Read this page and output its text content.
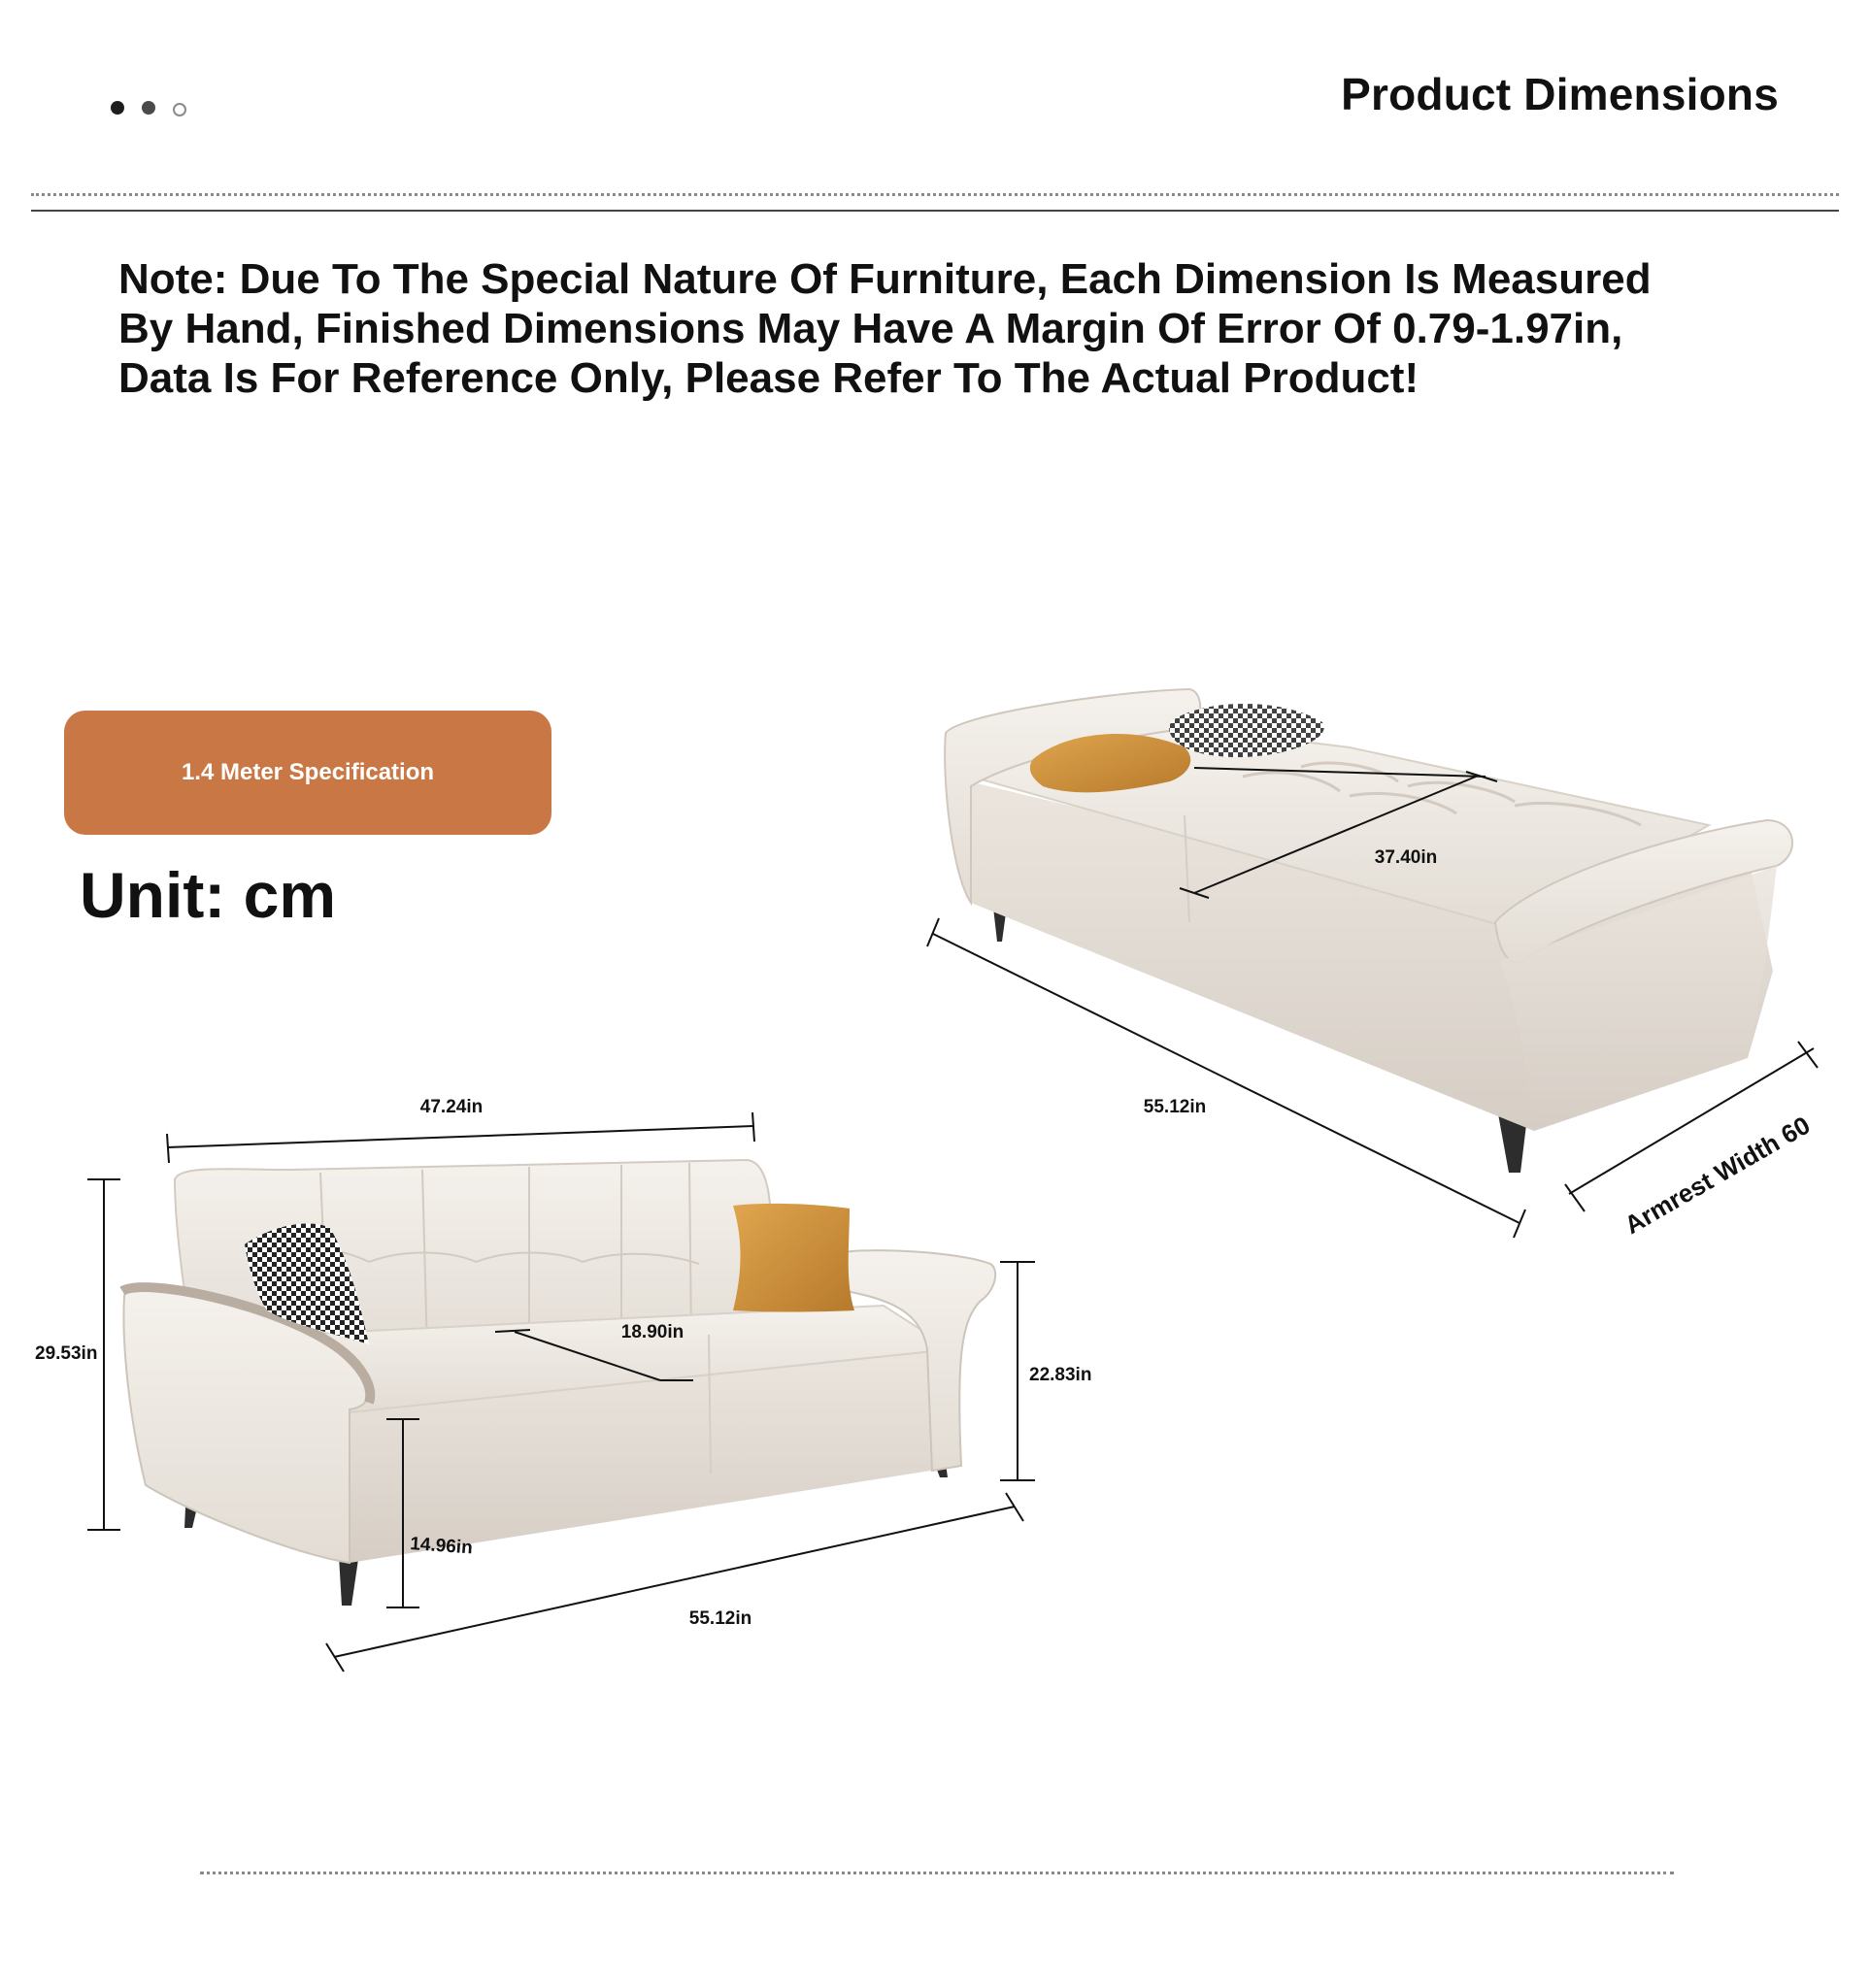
Product Dimensions
Note: Due To The Special Nature Of Furniture, Each Dimension Is Measured
By Hand, Finished Dimensions May Have A Margin Of Error Of 0.79-1.97in,
Data Is For Reference Only, Please Refer To The Actual Product!
1.4 Meter Specification
Unit: cm
37.40in
55.12in
Armrest Width 60
47.24in
29.53in
18.90in
22.83in
14.96in
55.12in
